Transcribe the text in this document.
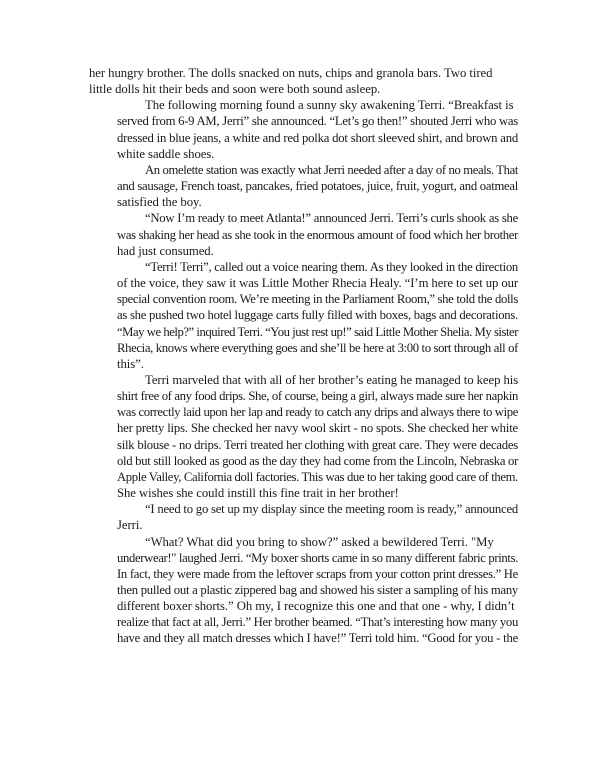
her hungry brother. The dolls snacked on nuts, chips and granola bars. Two tired
little dolls hit their beds and soon were both sound asleep.

The following morning found a sunny sky awakening Terri. “Breakfast is
served from 6-9 AM, Jerri” she announced. “Let’s go then!” shouted Jerri who was
dressed in blue jeans, a white and red polka dot short sleeved shirt, and brown and
white saddle shoes.

An omelette station was exactly what Jerri needed after a day of no meals. That
and sausage, French toast, pancakes, fried potatoes, juice, fruit, yogurt, and oatmeal
satisfied the boy.

“Now I’m ready to meet Atlanta!” announced Jerri. Terri’s curls shook as she
was shaking her head as she took in the enormous amount of food which her brother
had just consumed.

“Terri! Terri”, called out a voice nearing them. As they looked in the direction
of the voice, they saw it was Little Mother Rhecia Healy. “I’m here to set up our
special convention room. We’re meeting in the Parliament Room,” she told the dolls
as she pushed two hotel luggage carts fully filled with boxes, bags and decorations.
“May we help?” inquired Terri. “You just rest up!” said Little Mother Shelia. My sister
Rhecia, knows where everything goes and she’ll be here at 3:00 to sort through all of
this”.

Terri marveled that with all of her brother’s eating he managed to keep his
shirt free of any food drips. She, of course, being a girl, always made sure her napkin
was correctly laid upon her lap and ready to catch any drips and always there to wipe
her pretty lips. She checked her navy wool skirt - no spots. She checked her white
silk blouse - no drips. Terri treated her clothing with great care. They were decades
old but still looked as good as the day they had come from the Lincoln, Nebraska or
Apple Valley, California doll factories. This was due to her taking good care of them.
She wishes she could instill this fine trait in her brother!

“I need to go set up my display since the meeting room is ready,” announced
Jerri.

“What? What did you bring to show?” asked a bewildered Terri. "My
underwear!" laughed Jerri. “My boxer shorts came in so many different fabric prints.
In fact, they were made from the leftover scraps from your cotton print dresses.” He
then pulled out a plastic zippered bag and showed his sister a sampling of his many
different boxer shorts.” Oh my, I recognize this one and that one - why, I didn’t
realize that fact at all, Jerri.” Her brother beamed. “That’s interesting how many you
have and they all match dresses which I have!” Terri told him. “Good for you - the
